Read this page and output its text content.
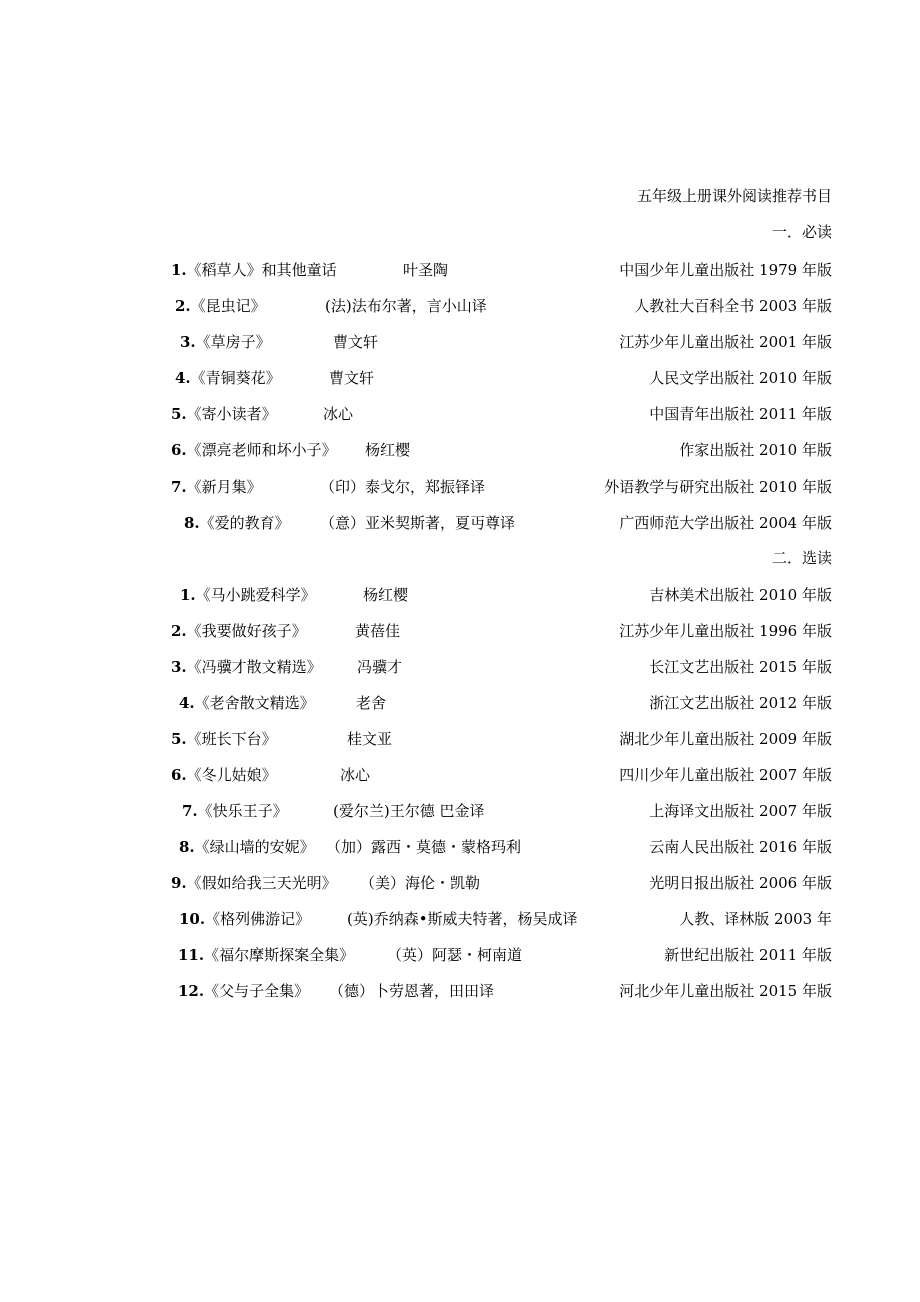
五年级上册课外阅读推荐书目
一．必读
1.《稻草人》和其他童话	叶圣陶	中国少年儿童出版社 1979 年版
2.《昆虫记》	(法)法布尔著，言小山译	人教社大百科全书 2003 年版
3.《草房子》	曹文轩	江苏少年儿童出版社 2001 年版
4.《青铜葵花》	曹文轩	人民文学出版社 2010 年版
5.《寄小读者》	冰心	中国青年出版社 2011 年版
6.《漂亮老师和坏小子》 杨红樱	作家出版社 2010 年版
7.《新月集》	（印）泰戈尔，郑振铎译	外语教学与研究出版社 2010 年版
8.《爱的教育》 （意）亚米契斯著，夏丏尊译	广西师范大学出版社 2004 年版
二．选读
1.《马小跳爱科学》	杨红樱	吉林美术出版社 2010 年版
2.《我要做好孩子》	黄蓓佳	江苏少年儿童出版社 1996 年版
3.《冯骥才散文精选》 冯骥才	长江文艺出版社 2015 年版
4.《老舍散文精选》	老舍	浙江文艺出版社 2012 年版
5.《班长下台》	桂文亚	湖北少年儿童出版社 2009 年版
6.《冬儿姑娘》	冰心	四川少年儿童出版社 2007 年版
7.《快乐王子》	(爱尔兰)王尔德 巴金译	上海译文出版社 2007 年版
8.《绿山墙的安妮》 （加）露西・莫德・蒙格玛利	云南人民出版社 2016 年版
9.《假如给我三天光明》 （美）海伦・凯勒	光明日报出版社 2006 年版
10.《格列佛游记》 (英)乔纳森•斯威夫特著，杨吴成译	人教、译林版 2003 年
11.《福尔摩斯探案全集》 （英）阿瑟・柯南道	新世纪出版社 2011 年版
12.《父与子全集》 （德）卜劳恩著，田田译	河北少年儿童出版社 2015 年版
